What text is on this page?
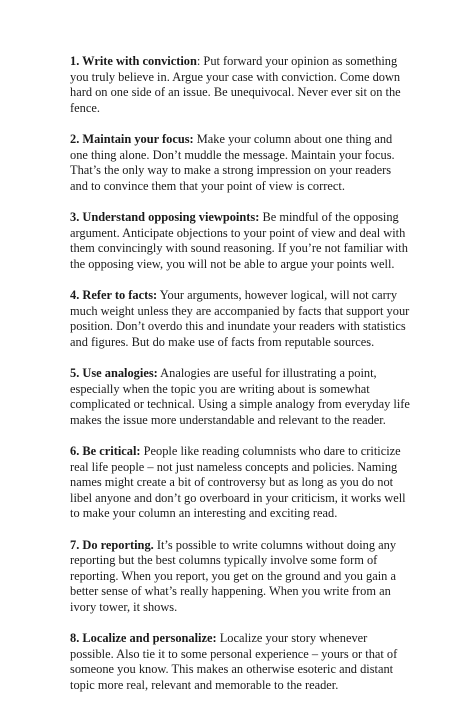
1. Write with conviction: Put forward your opinion as something you truly believe in. Argue your case with conviction. Come down hard on one side of an issue. Be unequivocal. Never ever sit on the fence.

2. Maintain your focus: Make your column about one thing and one thing alone. Don’t muddle the message. Maintain your focus. That’s the only way to make a strong impression on your readers and to convince them that your point of view is correct.

3. Understand opposing viewpoints: Be mindful of the opposing argument. Anticipate objections to your point of view and deal with them convincingly with sound reasoning. If you’re not familiar with the opposing view, you will not be able to argue your points well.

4. Refer to facts: Your arguments, however logical, will not carry much weight unless they are accompanied by facts that support your position. Don’t overdo this and inundate your readers with statistics and figures. But do make use of facts from reputable sources.

5. Use analogies: Analogies are useful for illustrating a point, especially when the topic you are writing about is somewhat complicated or technical. Using a simple analogy from everyday life makes the issue more understandable and relevant to the reader.

6. Be critical: People like reading columnists who dare to criticize real life people – not just nameless concepts and policies. Naming names might create a bit of controversy but as long as you do not libel anyone and don’t go overboard in your criticism, it works well to make your column an interesting and exciting read.

7. Do reporting. It’s possible to write columns without doing any reporting but the best columns typically involve some form of reporting. When you report, you get on the ground and you gain a better sense of what’s really happening. When you write from an ivory tower, it shows.

8. Localize and personalize: Localize your story whenever possible. Also tie it to some personal experience – yours or that of someone you know. This makes an otherwise esoteric and distant topic more real, relevant and memorable to the reader.
